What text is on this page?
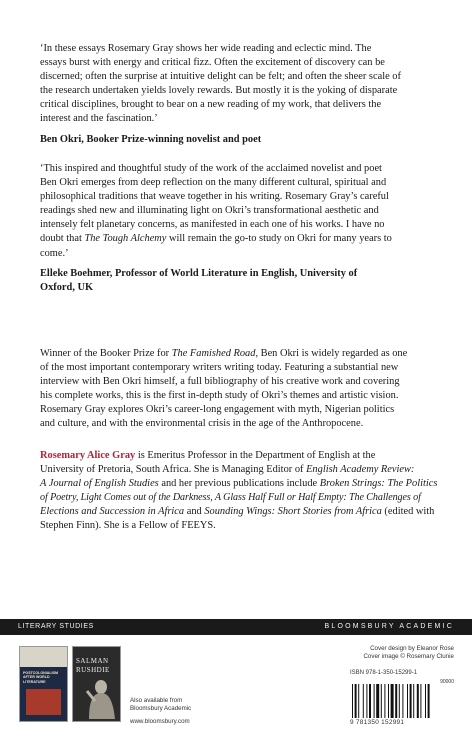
‘In these essays Rosemary Gray shows her wide reading and eclectic mind. The

essays burst with energy and critical fizz. Often the excitement of discovery can be

discerned; often the surprise at intuitive delight can be felt; and often the sheer scale of

the research undertaken yields lovely rewards. But mostly it is the yoking of disparate

critical disciplines, brought to bear on a new reading of my work, that delivers the

interest and the fascination.’

Ben Okri, Booker Prize-winning novelist and poet

‘This inspired and thoughtful study of the work of the acclaimed novelist and poet

Ben Okri emerges from deep reflection on the many different cultural, spiritual and

philosophical traditions that weave together in his writing. Rosemary Gray’s careful

readings shed new and illuminating light on Okri’s transformational aesthetic and

intensely felt planetary concerns, as manifested in each one of his works. I have no

doubt that The Tough Alchemy will remain the go-to study on Okri for many years to

come.’

Elleke Boehmer, Professor of World Literature in English, University of

Oxford, UK

Winner of the Booker Prize for The Famished Road, Ben Okri is widely regarded as one

of the most important contemporary writers writing today. Featuring a substantial new

interview with Ben Okri himself, a full bibliography of his creative work and covering

his complete works, this is the first in-depth study of Okri’s themes and artistic vision.

Rosemary Gray explores Okri’s career-long engagement with myth, Nigerian politics

and culture, and with the environmental crisis in the age of the Anthropocene.

Rosemary Alice Gray is Emeritus Professor in the Department of English at the

University of Pretoria, South Africa. She is Managing Editor of English Academy Review:

A Journal of English Studies and her previous publications include Broken Strings: The Politics

of Poetry, Light Comes out of the Darkness, A Glass Half Full or Half Empty: The Challenges of

Elections and Succession in Africa and Sounding Wings: Short Stories from Africa (edited with

Stephen Finn). She is a Fellow of FEEYS.

LITERARY STUDIES	BLOOMSBURY ACADEMIC
POSTCOLONIALISM AFTER WORLD LITERATURE
SALMAN
RUSHDIE
Also available from
Bloomsbury Academic
www.bloomsbury.com
Cover design by Eleanor Rose
Cover image © Rosemary Clunie
ISBN 978-1-350-15299-1
90000
9 781350 152991
